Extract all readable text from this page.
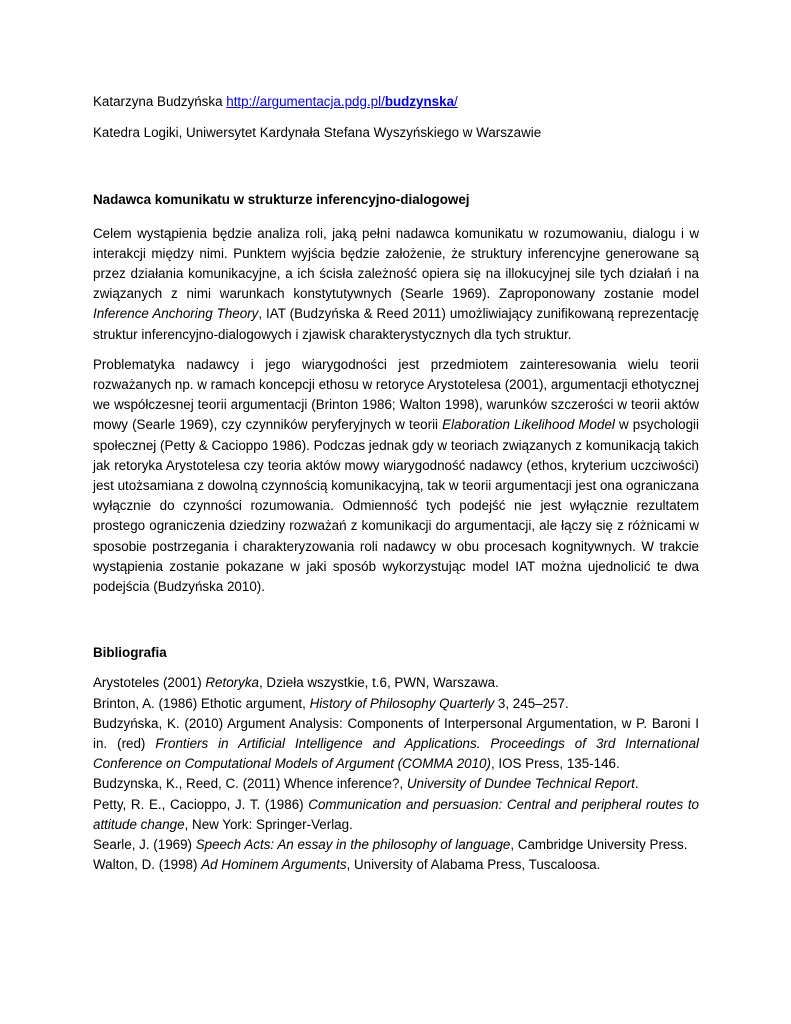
Katarzyna Budzyńska http://argumentacja.pdg.pl/budzynska/

Katedra Logiki, Uniwersytet Kardynała Stefana Wyszyńskiego w Warszawie

Nadawca komunikatu w strukturze inferencyjno-dialogowej

Celem wystąpienia będzie analiza roli, jaką pełni nadawca komunikatu w rozumowaniu, dialogu i w interakcji między nimi. Punktem wyjścia będzie założenie, że struktury inferencyjne generowane są przez działania komunikacyjne, a ich ścisła zależność opiera się na illokucyjnej sile tych działań i na związanych z nimi warunkach konstytutywnych (Searle 1969). Zaproponowany zostanie model Inference Anchoring Theory, IAT (Budzyńska & Reed 2011) umożliwiający zunifikowaną reprezentację struktur inferencyjno-dialogowych i zjawisk charakterystycznych dla tych struktur.

Problematyka nadawcy i jego wiarygodności jest przedmiotem zainteresowania wielu teorii rozważanych np. w ramach koncepcji ethosu w retoryce Arystotelesa (2001), argumentacji ethotycznej we współczesnej teorii argumentacji (Brinton 1986; Walton 1998), warunków szczerości w teorii aktów mowy (Searle 1969), czy czynników peryferyjnych w teorii Elaboration Likelihood Model w psychologii społecznej (Petty & Cacioppo 1986). Podczas jednak gdy w teoriach związanych z komunikacją takich jak retoryka Arystotelesa czy teoria aktów mowy wiarygodność nadawcy (ethos, kryterium uczciwości) jest utożsamiana z dowolną czynnością komunikacyjną, tak w teorii argumentacji jest ona ograniczana wyłącznie do czynności rozumowania. Odmienność tych podejść nie jest wyłącznie rezultatem prostego ograniczenia dziedziny rozważań z komunikacji do argumentacji, ale łączy się z różnicami w sposobie postrzegania i charakteryzowania roli nadawcy w obu procesach kognitywnych. W trakcie wystąpienia zostanie pokazane w jaki sposób wykorzystując model IAT można ujednolicić te dwa podejścia (Budzyńska 2010).

Bibliografia

Arystoteles (2001) Retoryka, Dzieła wszystkie, t.6, PWN, Warszawa.

Brinton, A. (1986) Ethotic argument, History of Philosophy Quarterly 3, 245–257.

Budzyńska, K. (2010) Argument Analysis: Components of Interpersonal Argumentation, w P. Baroni I in. (red) Frontiers in Artificial Intelligence and Applications. Proceedings of 3rd International Conference on Computational Models of Argument (COMMA 2010), IOS Press, 135-146.

Budzynska, K., Reed, C. (2011) Whence inference?, University of Dundee Technical Report.

Petty, R. E., Cacioppo, J. T. (1986) Communication and persuasion: Central and peripheral routes to attitude change, New York: Springer-Verlag.

Searle, J. (1969) Speech Acts: An essay in the philosophy of language, Cambridge University Press.

Walton, D. (1998) Ad Hominem Arguments, University of Alabama Press, Tuscaloosa.
